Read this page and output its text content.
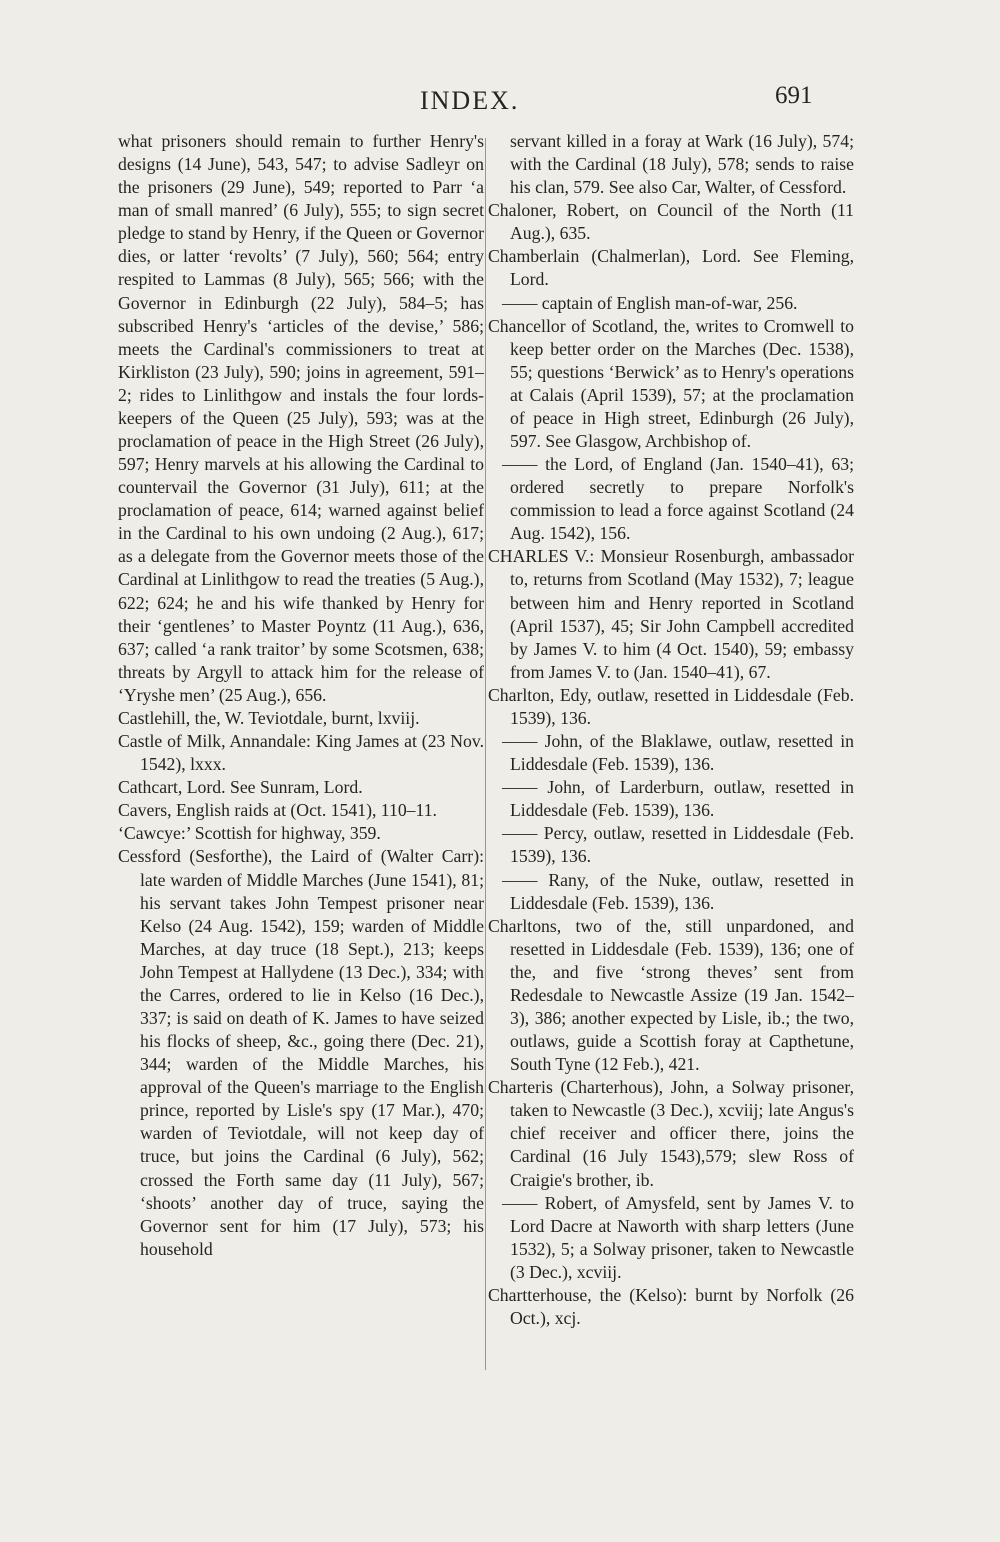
INDEX.	691

what prisoners should remain to further Henry's designs (14 June), 543, 547; to advise Sadleyr on the prisoners (29 June), 549; reported to Parr ‘a man of small manred’ (6 July), 555; to sign secret pledge to stand by Henry, if the Queen or Governor dies, or latter ‘revolts’ (7 July), 560; 564; entry respited to Lammas (8 July), 565; 566; with the Governor in Edinburgh (22 July), 584–5; has subscribed Henry's ‘articles of the devise,’ 586; meets the Cardinal's commissioners to treat at Kirkliston (23 July), 590; joins in agreement, 591–2; rides to Linlithgow and instals the four lords-keepers of the Queen (25 July), 593; was at the proclamation of peace in the High Street (26 July), 597; Henry marvels at his allowing the Cardinal to countervail the Governor (31 July), 611; at the proclamation of peace, 614; warned against belief in the Cardinal to his own undoing (2 Aug.), 617; as a delegate from the Governor meets those of the Cardinal at Linlithgow to read the treaties (5 Aug.), 622; 624; he and his wife thanked by Henry for their ‘gentlenes’ to Master Poyntz (11 Aug.), 636, 637; called ‘a rank traitor’ by some Scotsmen, 638; threats by Argyll to attack him for the release of ‘Yryshe men’ (25 Aug.), 656.

Castlehill, the, W. Teviotdale, burnt, lxviij.

Castle of Milk, Annandale: King James at (23 Nov. 1542), lxxx.

Cathcart, Lord. See Sunram, Lord.

Cavers, English raids at (Oct. 1541), 110–11.

‘Cawcye:’ Scottish for highway, 359.

Cessford (Sesforthe), the Laird of (Walter Carr): late warden of Middle Marches (June 1541), 81; his servant takes John Tempest prisoner near Kelso (24 Aug. 1542), 159; warden of Middle Marches, at day truce (18 Sept.), 213; keeps John Tempest at Hallydene (13 Dec.), 334; with the Carres, ordered to lie in Kelso (16 Dec.), 337; is said on death of K. James to have seized his flocks of sheep, &c., going there (Dec. 21), 344; warden of the Middle Marches, his approval of the Queen's marriage to the English prince, reported by Lisle's spy (17 Mar.), 470; warden of Teviotdale, will not keep day of truce, but joins the Cardinal (6 July), 562; crossed the Forth same day (11 July), 567; ‘shoots’ another day of truce, saying the Governor sent for him (17 July), 573; his household

servant killed in a foray at Wark (16 July), 574; with the Cardinal (18 July), 578; sends to raise his clan, 579. See also Car, Walter, of Cessford.

Chaloner, Robert, on Council of the North (11 Aug.), 635.

Chamberlain (Chalmerlan), Lord. See Fleming, Lord.

—— captain of English man-of-war, 256.

Chancellor of Scotland, the, writes to Cromwell to keep better order on the Marches (Dec. 1538), 55; questions ‘Berwick’ as to Henry's operations at Calais (April 1539), 57; at the proclamation of peace in High street, Edinburgh (26 July), 597. See Glasgow, Archbishop of.

—— the Lord, of England (Jan. 1540–41), 63; ordered secretly to prepare Norfolk's commission to lead a force against Scotland (24 Aug. 1542), 156.

CHARLES V.: Monsieur Rosenburgh, ambassador to, returns from Scotland (May 1532), 7; league between him and Henry reported in Scotland (April 1537), 45; Sir John Campbell accredited by James V. to him (4 Oct. 1540), 59; embassy from James V. to (Jan. 1540–41), 67.

Charlton, Edy, outlaw, resetted in Liddesdale (Feb. 1539), 136.

—— John, of the Blaklawe, outlaw, resetted in Liddesdale (Feb. 1539), 136.

—— John, of Larderburn, outlaw, resetted in Liddesdale (Feb. 1539), 136.

—— Percy, outlaw, resetted in Liddesdale (Feb. 1539), 136.

—— Rany, of the Nuke, outlaw, resetted in Liddesdale (Feb. 1539), 136.

Charltons, two of the, still unpardoned, and resetted in Liddesdale (Feb. 1539), 136; one of the, and five ‘strong theves’ sent from Redesdale to Newcastle Assize (19 Jan. 1542–3), 386; another expected by Lisle, ib.; the two, outlaws, guide a Scottish foray at Capthetune, South Tyne (12 Feb.), 421.

Charteris (Charterhous), John, a Solway prisoner, taken to Newcastle (3 Dec.), xcviij; late Angus's chief receiver and officer there, joins the Cardinal (16 July 1543),579; slew Ross of Craigie's brother, ib.

—— Robert, of Amysfeld, sent by James V. to Lord Dacre at Naworth with sharp letters (June 1532), 5; a Solway prisoner, taken to Newcastle (3 Dec.), xcviij.

Chartterhouse, the (Kelso): burnt by Norfolk (26 Oct.), xcj.
